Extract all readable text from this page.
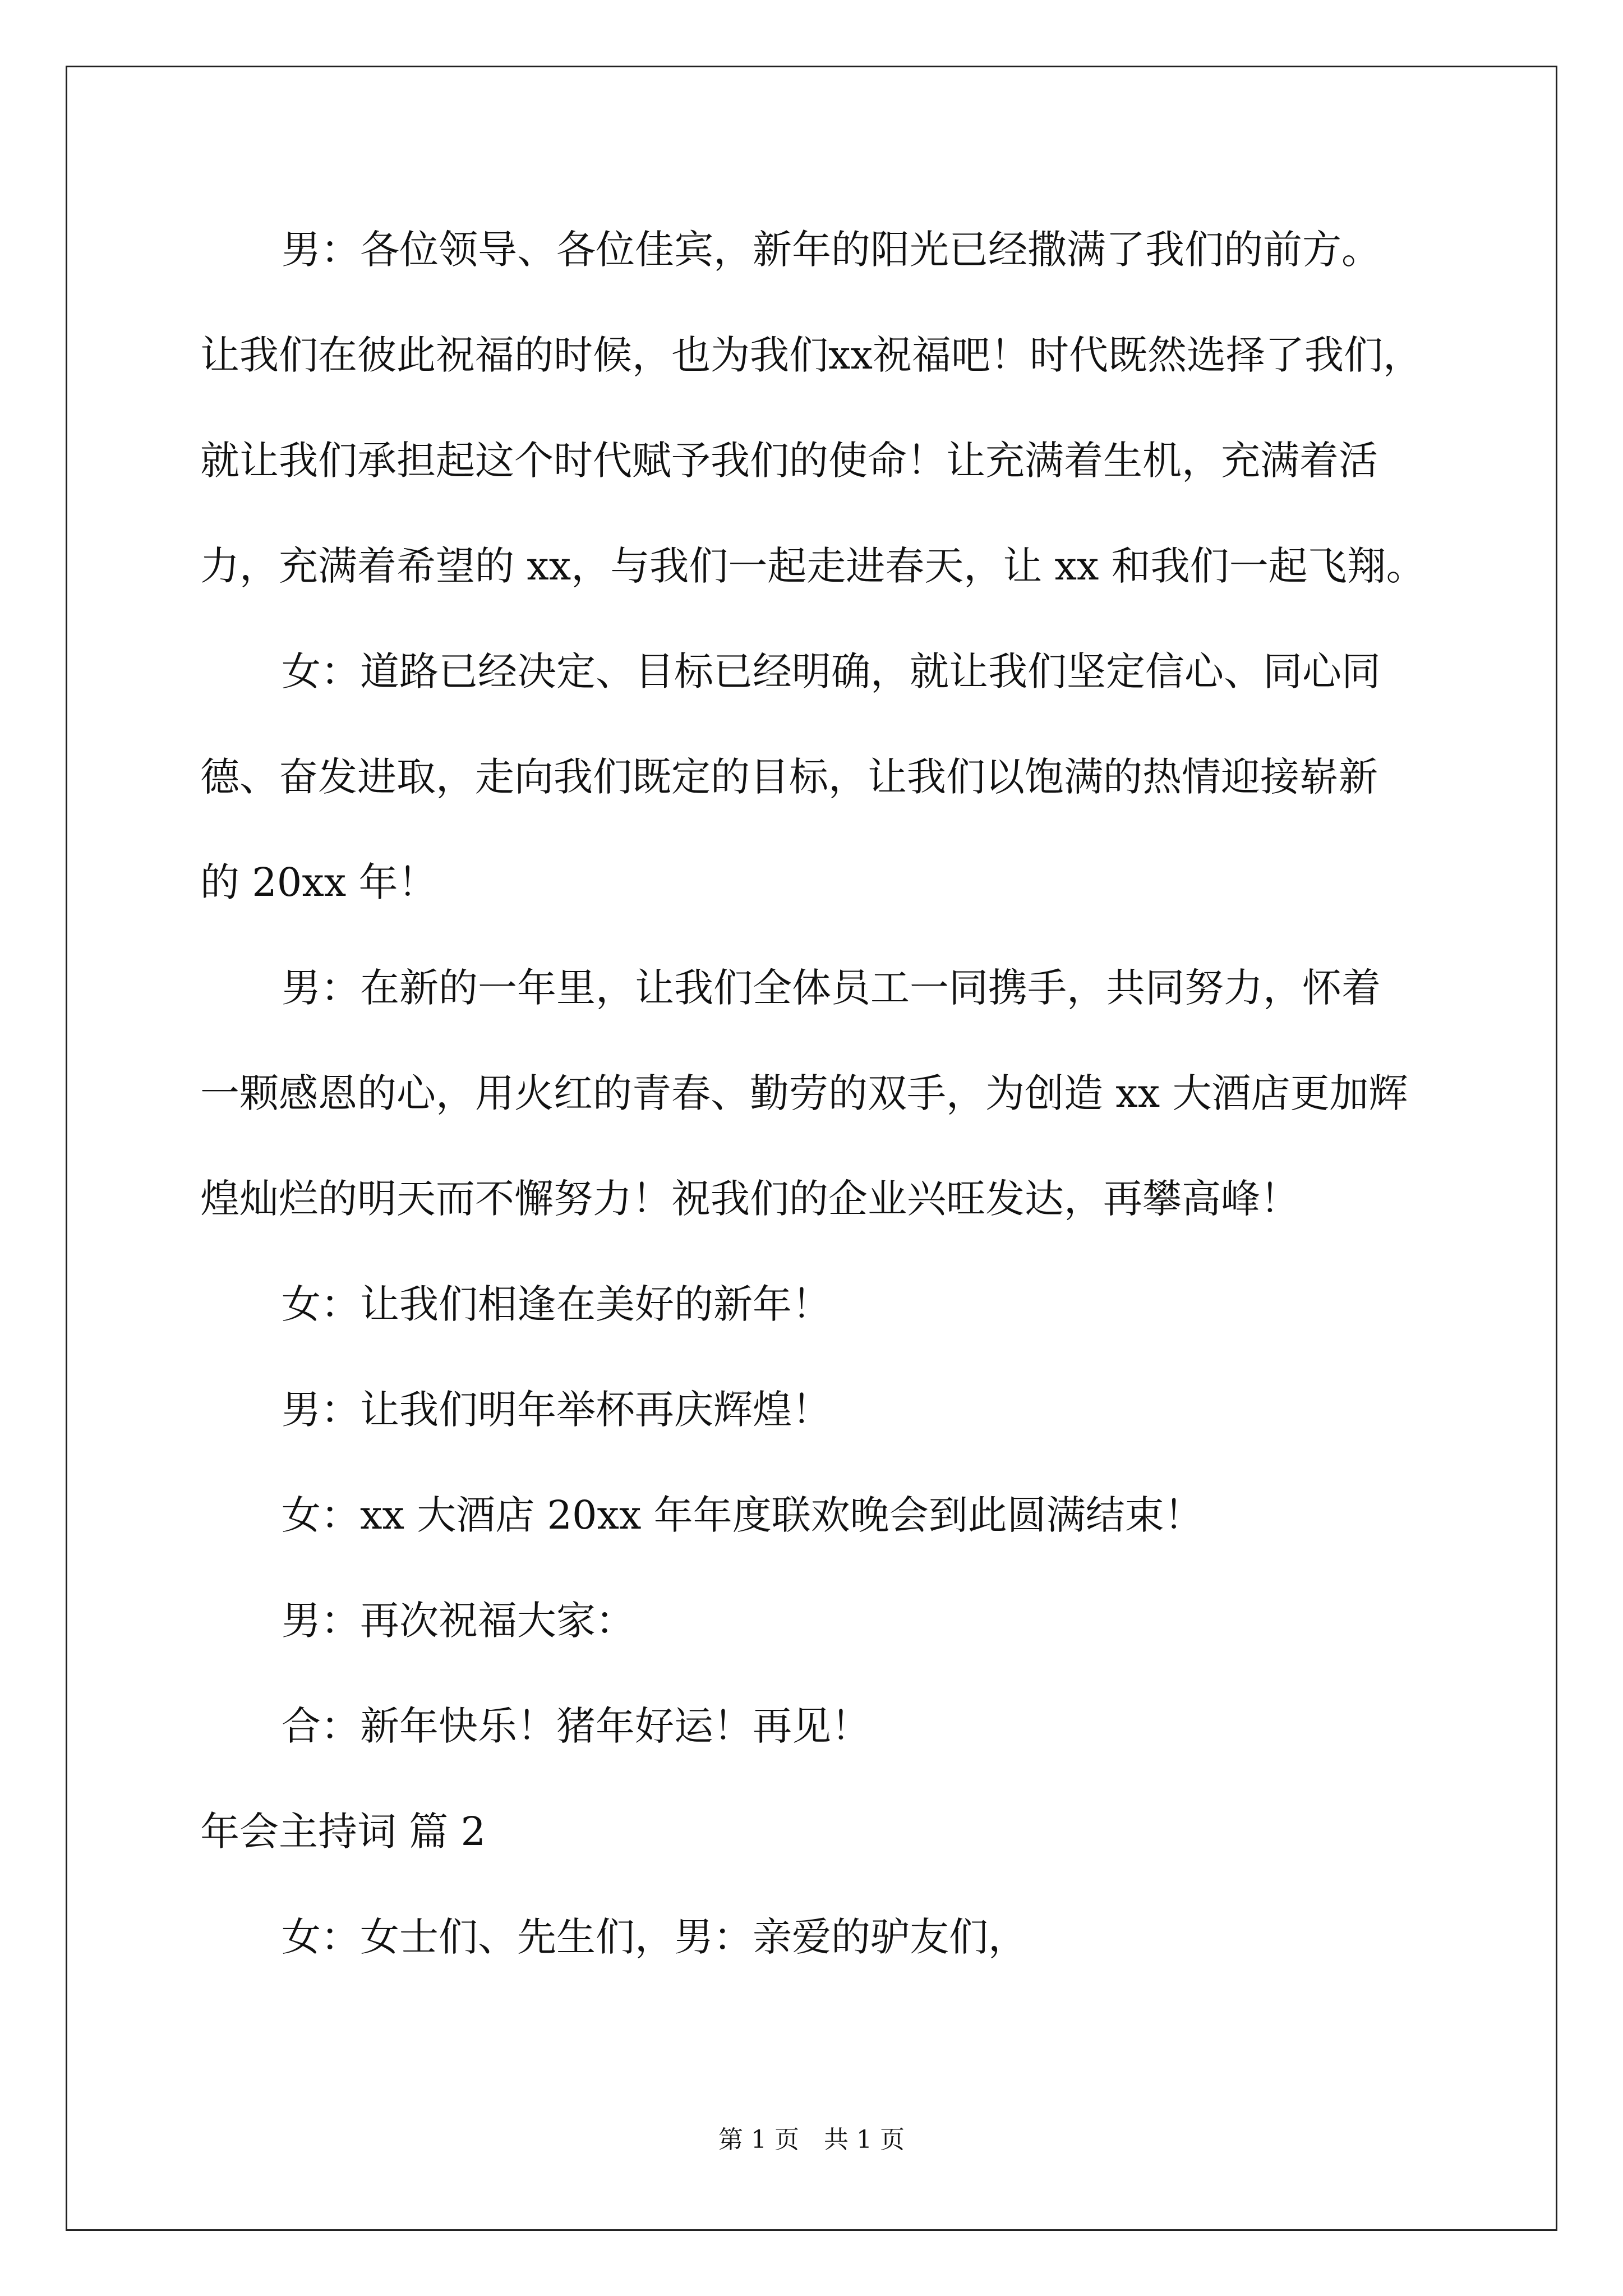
男：各位领导、各位佳宾，新年的阳光已经撒满了我们的前方。

让我们在彼此祝福的时候，也为我们xx祝福吧！时代既然选择了我们，

就让我们承担起这个时代赋予我们的使命！让充满着生机，充满着活

力，充满着希望的 xx，与我们一起走进春天，让 xx 和我们一起飞翔。

女：道路已经决定、目标已经明确，就让我们坚定信心、同心同

德、奋发进取，走向我们既定的目标，让我们以饱满的热情迎接崭新

的 20xx 年！

男：在新的一年里，让我们全体员工一同携手，共同努力，怀着

一颗感恩的心，用火红的青春、勤劳的双手，为创造 xx 大酒店更加辉

煌灿烂的明天而不懈努力！祝我们的企业兴旺发达，再攀高峰！

女：让我们相逢在美好的新年！

男：让我们明年举杯再庆辉煌！

女：xx 大酒店 20xx 年年度联欢晚会到此圆满结束！

男：再次祝福大家：

合：新年快乐！猪年好运！再见！

年会主持词 篇 2

女：女士们、先生们，男：亲爱的驴友们，

第 1 页　共 1 页
